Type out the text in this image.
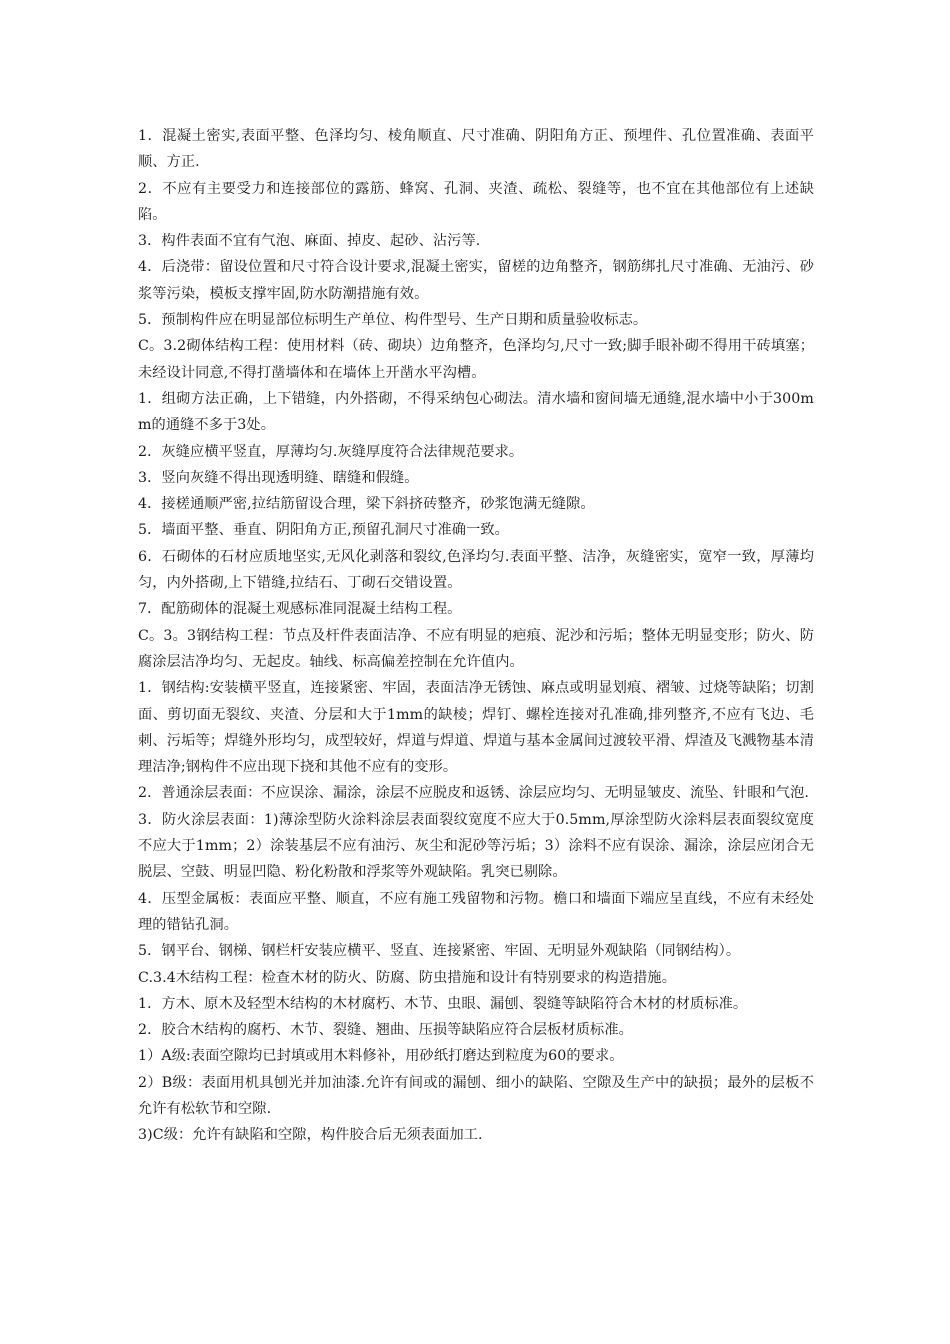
1．混凝土密实,表面平整、色泽均匀、棱角顺直、尺寸准确、阴阳角方正、预埋件、孔位置准确、表面平顺、方正.

2．不应有主要受力和连接部位的露筋、蜂窝、孔洞、夹渣、疏松、裂缝等，也不宜在其他部位有上述缺陷。

3．构件表面不宜有气泡、麻面、掉皮、起砂、沾污等.

4．后浇带：留设位置和尺寸符合设计要求,混凝土密实，留槎的边角整齐，钢筋绑扎尺寸准确、无油污、砂浆等污染，模板支撑牢固,防水防潮措施有效。

5．预制构件应在明显部位标明生产单位、构件型号、生产日期和质量验收标志。

C。3.2砌体结构工程：使用材料（砖、砌块）边角整齐，色泽均匀,尺寸一致;脚手眼补砌不得用干砖填塞；未经设计同意,不得打凿墙体和在墙体上开凿水平沟槽。

1．组砌方法正确，上下错缝，内外搭砌，不得采纳包心砌法。清水墙和窗间墙无通缝,混水墙中小于300mm的通缝不多于3处。

2．灰缝应横平竖直，厚薄均匀.灰缝厚度符合法律规范要求。

3．竖向灰缝不得出现透明缝、瞎缝和假缝。

4．接槎通顺严密,拉结筋留设合理，梁下斜挤砖整齐，砂浆饱满无缝隙。

5．墙面平整、垂直、阴阳角方正,预留孔洞尺寸准确一致。

6．石砌体的石材应质地坚实,无风化剥落和裂纹,色泽均匀.表面平整、洁净，灰缝密实，宽窄一致，厚薄均匀，内外搭砌,上下错缝,拉结石、丁砌石交错设置。

7．配筋砌体的混凝土观感标准同混凝土结构工程。

C。3。3钢结构工程：节点及杆件表面洁净、不应有明显的疤痕、泥沙和污垢；整体无明显变形；防火、防腐涂层洁净均匀、无起皮。轴线、标高偏差控制在允许值内。

1．钢结构:安装横平竖直，连接紧密、牢固，表面洁净无锈蚀、麻点或明显划痕、褶皱、过烧等缺陷；切割面、剪切面无裂纹、夹渣、分层和大于1mm的缺棱；焊钉、螺栓连接对孔准确,排列整齐,不应有飞边、毛刺、污垢等；焊缝外形均匀，成型较好，焊道与焊道、焊道与基本金属间过渡较平滑、焊渣及飞溅物基本清理洁净;钢构件不应出现下挠和其他不应有的变形。

2．普通涂层表面：不应误涂、漏涂，涂层不应脱皮和返锈、涂层应均匀、无明显皱皮、流坠、针眼和气泡.

3．防火涂层表面：1)薄涂型防火涂料涂层表面裂纹宽度不应大于0.5mm,厚涂型防火涂料层表面裂纹宽度不应大于1mm；2）涂装基层不应有油污、灰尘和泥砂等污垢；3）涂料不应有误涂、漏涂，涂层应闭合无脱层、空鼓、明显凹隐、粉化粉散和浮浆等外观缺陷。乳突已剔除。

4．压型金属板：表面应平整、顺直，不应有施工残留物和污物。檐口和墙面下端应呈直线，不应有未经处理的错钻孔洞。

5．钢平台、钢梯、钢栏杆安装应横平、竖直、连接紧密、牢固、无明显外观缺陷（同钢结构）。

C.3.4木结构工程：检查木材的防火、防腐、防虫措施和设计有特别要求的构造措施。

1．方木、原木及轻型木结构的木材腐朽、木节、虫眼、漏刨、裂缝等缺陷符合木材的材质标准。

2．胶合木结构的腐朽、木节、裂缝、翘曲、压损等缺陷应符合层板材质标准。

1）A级:表面空隙均已封填或用木料修补，用砂纸打磨达到粒度为60的要求。

2）B级：表面用机具刨光并加油漆.允许有间或的漏刨、细小的缺陷、空隙及生产中的缺损；最外的层板不允许有松软节和空隙.

3)C级：允许有缺陷和空隙，构件胶合后无须表面加工.
